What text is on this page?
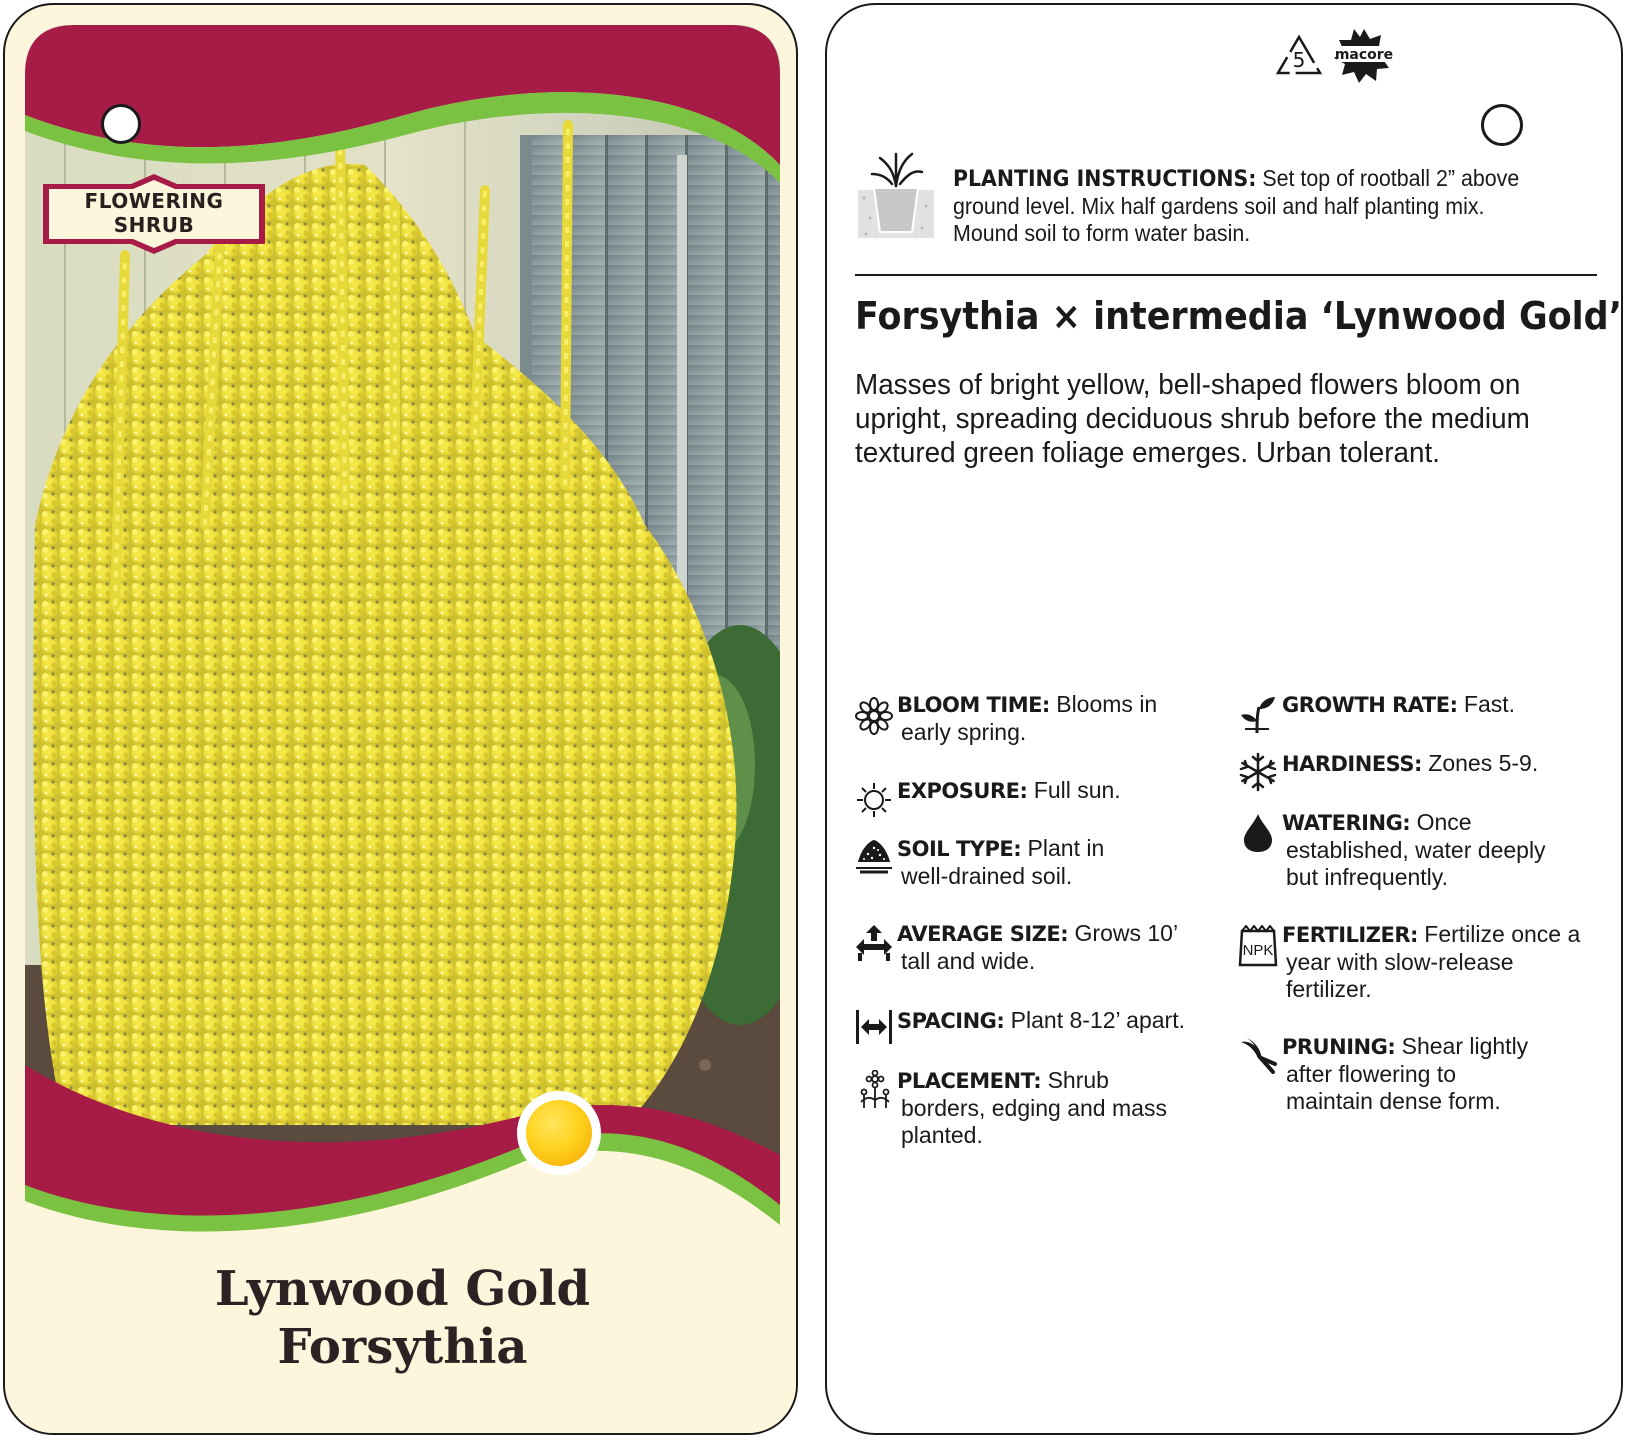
FLOWERING
SHRUB
Lynwood Gold
Forsythia
5 macore
PLANTING INSTRUCTIONS: Set top of rootball 2” above ground level. Mix half gardens soil and half planting mix. Mound soil to form water basin.
Forsythia × intermedia ‘Lynwood Gold’
Masses of bright yellow, bell-shaped flowers bloom on upright, spreading deciduous shrub before the medium textured green foliage emerges. Urban tolerant.
BLOOM TIME: Blooms in
early spring.
EXPOSURE: Full sun.
SOIL TYPE: Plant in
well-drained soil.
AVERAGE SIZE: Grows 10’
tall and wide.
SPACING: Plant 8-12’ apart.
PLACEMENT: Shrub
borders, edging and mass
planted.
GROWTH RATE: Fast.
HARDINESS: Zones 5-9.
WATERING: Once
established, water deeply
but infrequently.
NPK
FERTILIZER: Fertilize once a
year with slow-release
fertilizer.
PRUNING: Shear lightly
after flowering to
maintain dense form.
